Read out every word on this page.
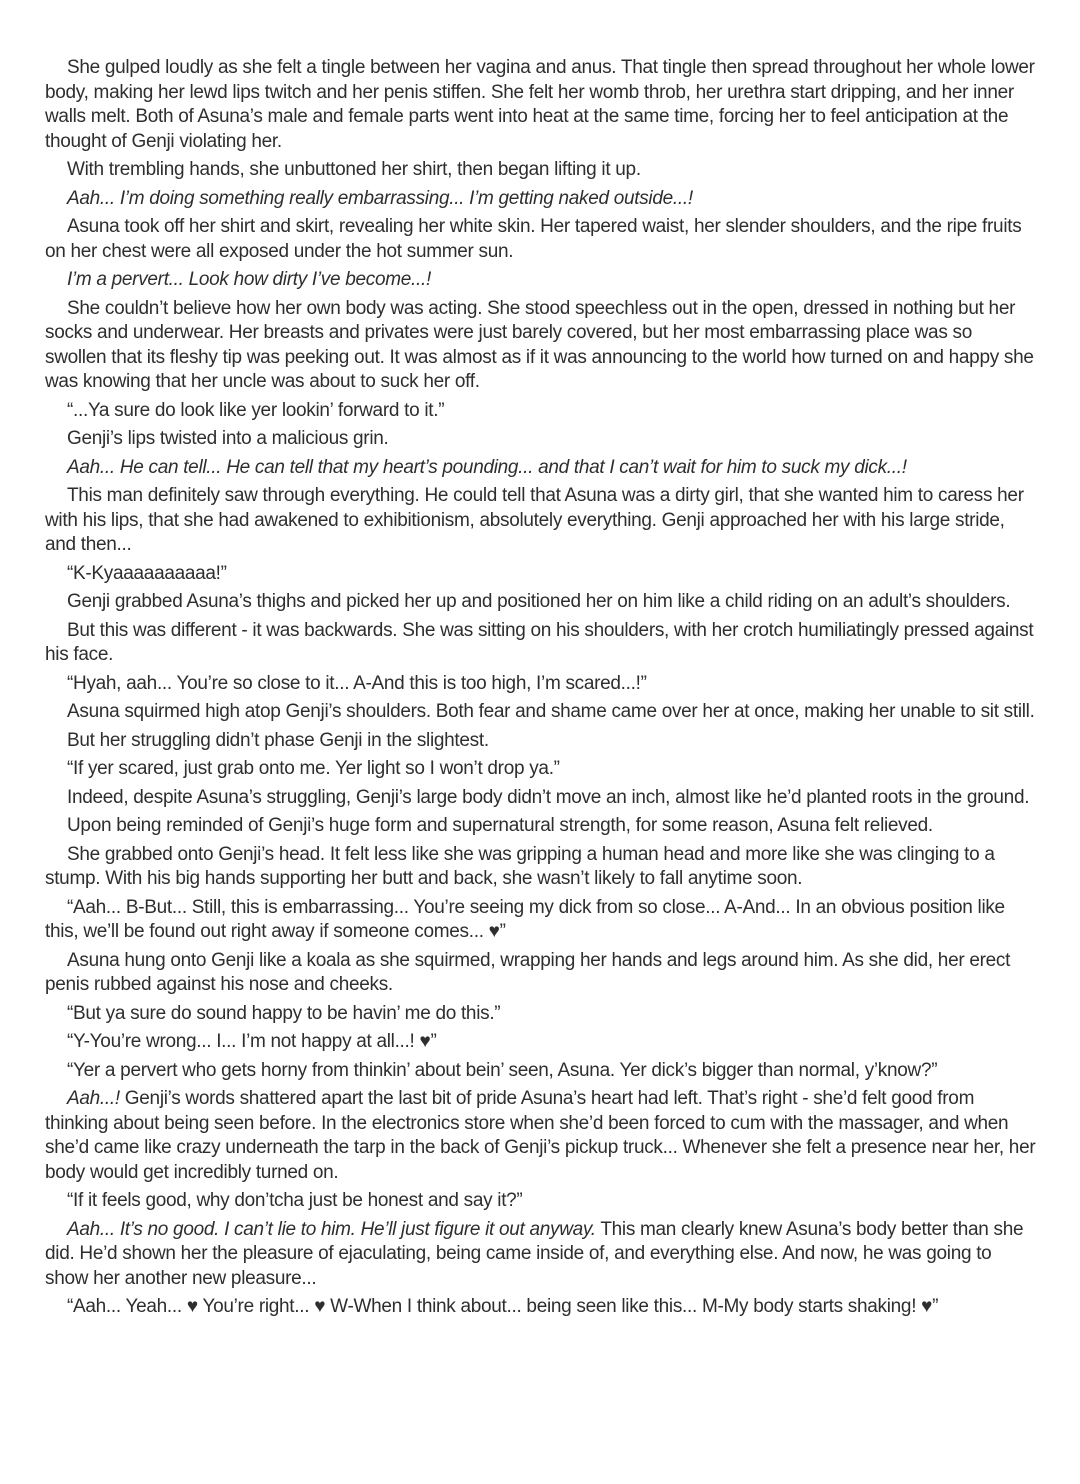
She gulped loudly as she felt a tingle between her vagina and anus. That tingle then spread throughout her whole lower body, making her lewd lips twitch and her penis stiffen. She felt her womb throb, her urethra start dripping, and her inner walls melt. Both of Asuna’s male and female parts went into heat at the same time, forcing her to feel anticipation at the thought of Genji violating her.

With trembling hands, she unbuttoned her shirt, then began lifting it up.

Aah... I’m doing something really embarrassing... I’m getting naked outside...!

Asuna took off her shirt and skirt, revealing her white skin. Her tapered waist, her slender shoulders, and the ripe fruits on her chest were all exposed under the hot summer sun.

I’m a pervert... Look how dirty I’ve become...!

She couldn’t believe how her own body was acting. She stood speechless out in the open, dressed in nothing but her socks and underwear. Her breasts and privates were just barely covered, but her most embarrassing place was so swollen that its fleshy tip was peeking out. It was almost as if it was announcing to the world how turned on and happy she was knowing that her uncle was about to suck her off.

“...Ya sure do look like yer lookin’ forward to it.”

Genji’s lips twisted into a malicious grin.

Aah... He can tell... He can tell that my heart’s pounding... and that I can’t wait for him to suck my dick...!

This man definitely saw through everything. He could tell that Asuna was a dirty girl, that she wanted him to caress her with his lips, that she had awakened to exhibitionism, absolutely everything. Genji approached her with his large stride, and then...

“K-Kyaaaaaaaaaa!”

Genji grabbed Asuna’s thighs and picked her up and positioned her on him like a child riding on an adult’s shoulders.

But this was different - it was backwards. She was sitting on his shoulders, with her crotch humiliatingly pressed against his face.

“Hyah, aah... You’re so close to it... A-And this is too high, I’m scared...!”

Asuna squirmed high atop Genji’s shoulders. Both fear and shame came over her at once, making her unable to sit still.

But her struggling didn’t phase Genji in the slightest.

“If yer scared, just grab onto me. Yer light so I won’t drop ya.”

Indeed, despite Asuna’s struggling, Genji’s large body didn’t move an inch, almost like he’d planted roots in the ground.

Upon being reminded of Genji’s huge form and supernatural strength, for some reason, Asuna felt relieved.

She grabbed onto Genji’s head. It felt less like she was gripping a human head and more like she was clinging to a stump. With his big hands supporting her butt and back, she wasn’t likely to fall anytime soon.

“Aah... B-But... Still, this is embarrassing... You’re seeing my dick from so close... A-And... In an obvious position like this, we’ll be found out right away if someone comes... ♥”

Asuna hung onto Genji like a koala as she squirmed, wrapping her hands and legs around him. As she did, her erect penis rubbed against his nose and cheeks.

“But ya sure do sound happy to be havin’ me do this.”

“Y-You’re wrong... I... I’m not happy at all...! ♥”

“Yer a pervert who gets horny from thinkin’ about bein’ seen, Asuna. Yer dick’s bigger than normal, y’know?”

Aah...! Genji’s words shattered apart the last bit of pride Asuna’s heart had left. That’s right - she’d felt good from thinking about being seen before. In the electronics store when she’d been forced to cum with the massager, and when she’d came like crazy underneath the tarp in the back of Genji’s pickup truck... Whenever she felt a presence near her, her body would get incredibly turned on.

“If it feels good, why don’tcha just be honest and say it?”

Aah... It’s no good. I can’t lie to him. He’ll just figure it out anyway. This man clearly knew Asuna’s body better than she did. He’d shown her the pleasure of ejaculating, being came inside of, and everything else. And now, he was going to show her another new pleasure...

“Aah... Yeah... ♥ You’re right... ♥ W-When I think about... being seen like this... M-My body starts shaking! ♥”
